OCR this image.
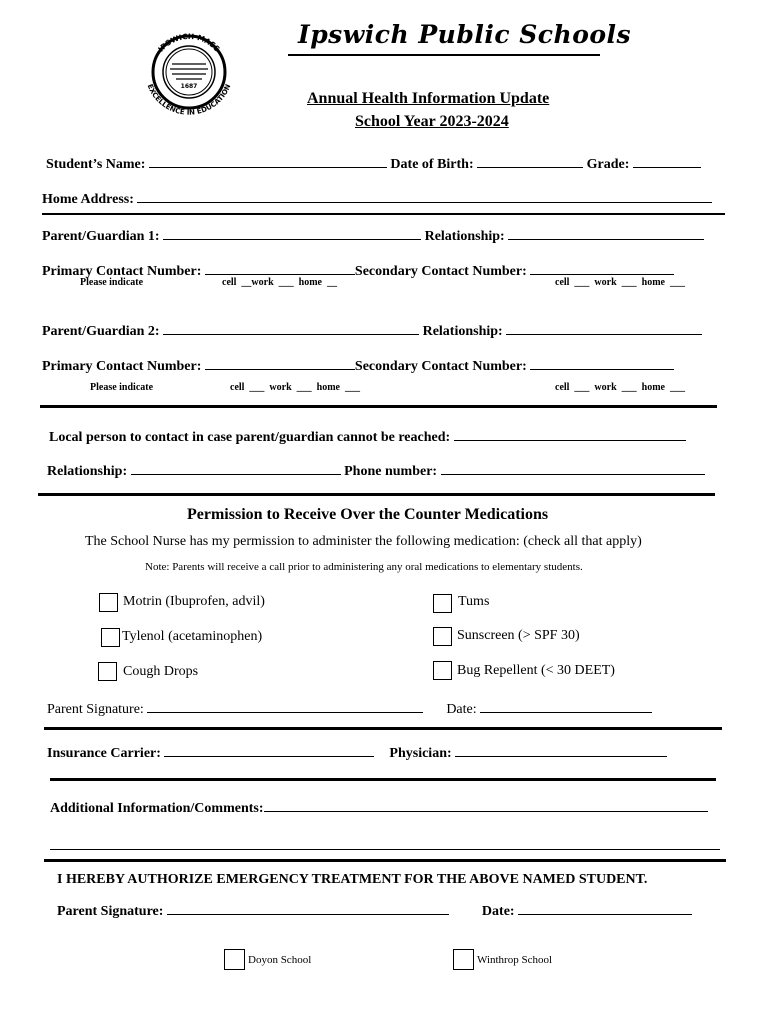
IPSWICH MASS
EXCELLENCE IN EDUCATION
1687
Ipswich Public Schools
Annual Health Information Update
School Year 2023-2024
Student’s Name:	Date of Birth:	Grade:
Home Address:
Parent/Guardian 1:	Relationship:
Primary Contact Number:	Secondary Contact Number:
Please indicate	cell  __work  ___  home  __	cell  ___  work  ___  home  ___
Parent/Guardian 2:	Relationship:
Primary Contact Number:	Secondary Contact Number:
Please indicate	cell  ___  work  ___  home  ___	cell  ___  work  ___  home  ___
Local person to contact in case parent/guardian cannot be reached:
Relationship:	Phone number:
Permission to Receive Over the Counter Medications
The School Nurse has my permission to administer the following medication: (check all that apply)
Note: Parents will receive a call prior to administering any oral medications to elementary students.
Motrin (Ibuprofen, advil)	Tums
Tylenol (acetaminophen)	Sunscreen (> SPF 30)
Cough Drops	Bug Repellent (< 30 DEET)
Parent Signature:	Date:
Insurance Carrier:	Physician:
Additional Information/Comments:
I HEREBY AUTHORIZE EMERGENCY TREATMENT FOR THE ABOVE NAMED STUDENT.
Parent Signature:	Date:
Doyon School	Winthrop School
